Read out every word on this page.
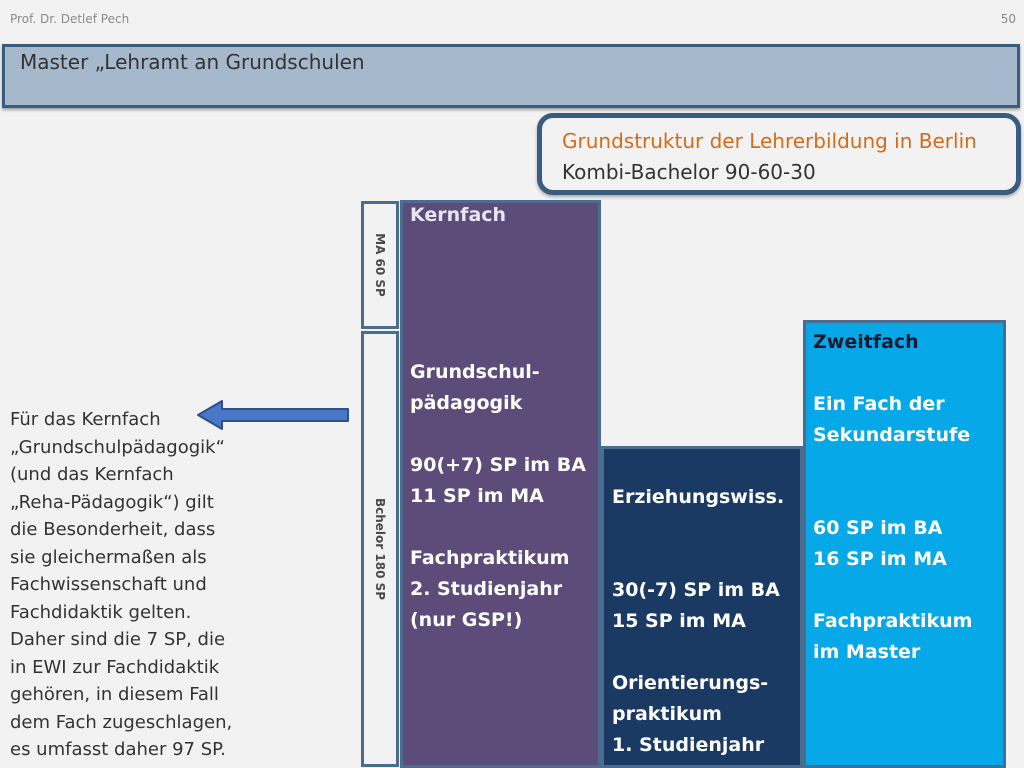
Prof. Dr. Detlef Pech	50
Master „Lehramt an Grundschulen
Grundstruktur der Lehrerbildung in Berlin
Kombi-Bachelor 90-60-30
MA 60 SP
Bchelor 180 SP
Kernfach
Grundschul-
pädagogik

90(+7) SP im BA
11 SP im MA

Fachpraktikum
2. Studienjahr
(nur GSP!)
Erziehungswiss.

30(-7) SP im BA
15 SP im MA

Orientierungs-
praktikum
1. Studienjahr
Zweitfach
Ein Fach der
Sekundarstufe

60 SP im BA
16 SP im MA

Fachpraktikum
im Master
Für das Kernfach
„Grundschulpädagogik“
(und das Kernfach
„Reha-Pädagogik“) gilt
die Besonderheit, dass
sie gleichermaßen als
Fachwissenschaft und
Fachdidaktik gelten.
Daher sind die 7 SP, die
in EWI zur Fachdidaktik
gehören, in diesem Fall
dem Fach zugeschlagen,
es umfasst daher 97 SP.
